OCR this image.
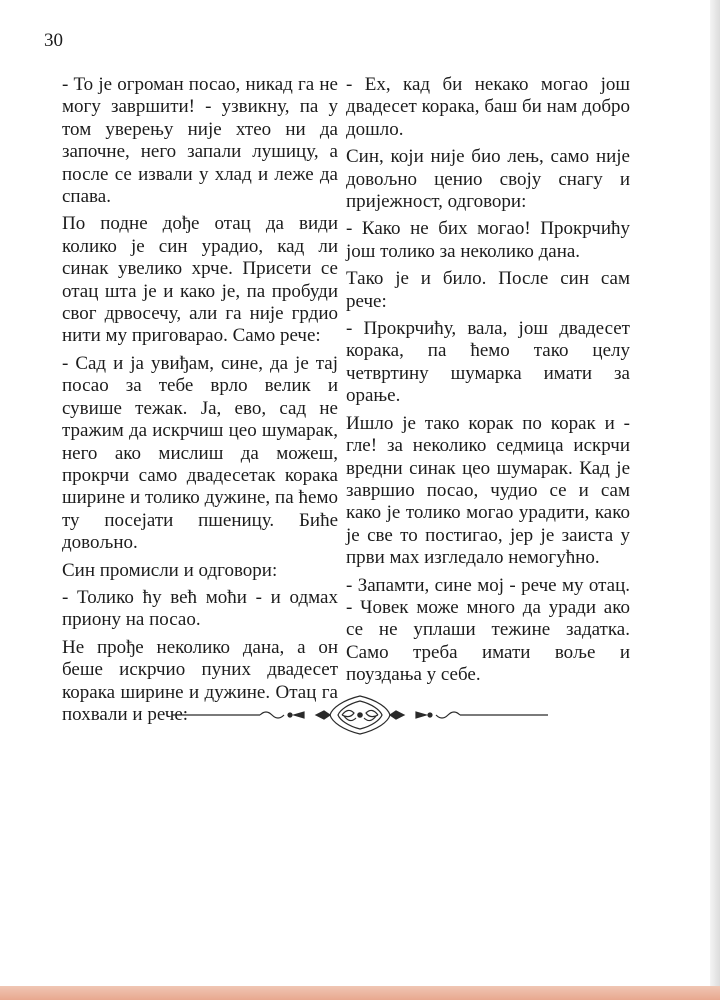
30

- То је огроман посао, никад га не могу завршити! - узвикну, па у том уверењу није хтео ни да започне, него запали лушицу, а после се извали у хлад и леже да спава.

По подне дође отац да види колико је син урадио, кад ли синак увелико хрче. Присети се отац шта је и како је, па пробуди свог дрвосечу, али га није грдио нити му приговарао. Само рече:

- Сад и ја увиђам, сине, да је тај посао за тебе врло велик и сувише тежак. Ја, ево, сад не тражим да искрчиш цео шумарак, него ако мислиш да можеш, прокрчи само двадесетак корака ширине и толико дужине, па ћемо ту посејати пшеницу. Биће довољно.

Син промисли и одговори:

- Толико ћу већ моћи - и одмах приону на посао.

Не прође неколико дана, а он беше искрчио пуних двадесет корака ширине и дужине. Отац га похвали и рече:

- Ех, кад би некако могао још двадесет корака, баш би нам добро дошло.

Син, који није био лењ, само није довољно ценио своју снагу и пријежност, одговори:

- Како не бих могао! Прокрчићу још толико за неколико дана.

Тако је и било. После син сам рече:

- Прокрчићу, вала, још двадесет корака, па ћемо тако целу четвртину шумарка имати за орање.

Ишло је тако корак по корак и - гле! за неколико седмица искрчи вредни синак цео шумарак. Кад је завршио посао, чудио се и сам како је толико могао урадити, како је све то постигао, јер је заиста у први мах изгледало немогућно.

- Запамти, сине мој - рече му отац. - Човек може много да уради ако се не уплаши тежине задатка. Само треба имати воље и поуздања у себе.
